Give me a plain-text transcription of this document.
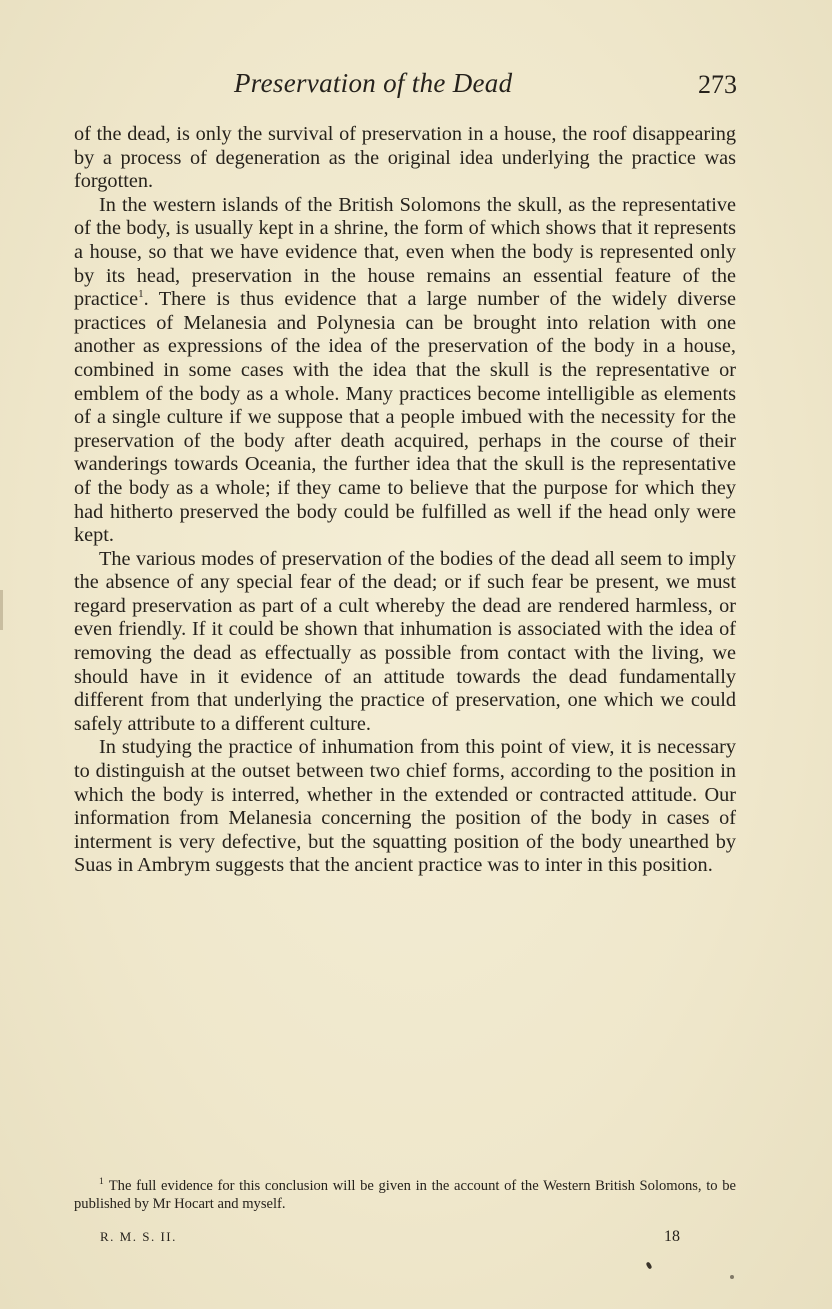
Preservation of the Dead	273

of the dead, is only the survival of preservation in a house, the roof disappearing by a process of degeneration as the original idea underlying the practice was forgotten.

In the western islands of the British Solomons the skull, as the representative of the body, is usually kept in a shrine, the form of which shows that it represents a house, so that we have evidence that, even when the body is represented only by its head, preservation in the house remains an essential feature of the practice$^1$. There is thus evidence that a large number of the widely diverse practices of Melanesia and Polynesia can be brought into relation with one another as expressions of the idea of the preservation of the body in a house, combined in some cases with the idea that the skull is the representative or emblem of the body as a whole. Many practices become intelligible as elements of a single culture if we suppose that a people imbued with the necessity for the preservation of the body after death acquired, perhaps in the course of their wanderings towards Oceania, the further idea that the skull is the representative of the body as a whole; if they came to believe that the purpose for which they had hitherto preserved the body could be fulfilled as well if the head only were kept.

The various modes of preservation of the bodies of the dead all seem to imply the absence of any special fear of the dead; or if such fear be present, we must regard preservation as part of a cult whereby the dead are rendered harmless, or even friendly. If it could be shown that inhumation is associated with the idea of removing the dead as effectually as possible from contact with the living, we should have in it evidence of an attitude towards the dead fundamentally different from that underlying the practice of preservation, one which we could safely attribute to a different culture.

In studying the practice of inhumation from this point of view, it is necessary to distinguish at the outset between two chief forms, according to the position in which the body is interred, whether in the extended or contracted attitude. Our information from Melanesia concerning the position of the body in cases of interment is very defective, but the squatting position of the body unearthed by Suas in Ambrym suggests that the ancient practice was to inter in this position.

1 The full evidence for this conclusion will be given in the account of the Western British Solomons, to be published by Mr Hocart and myself.
R. M. S. II.	18
